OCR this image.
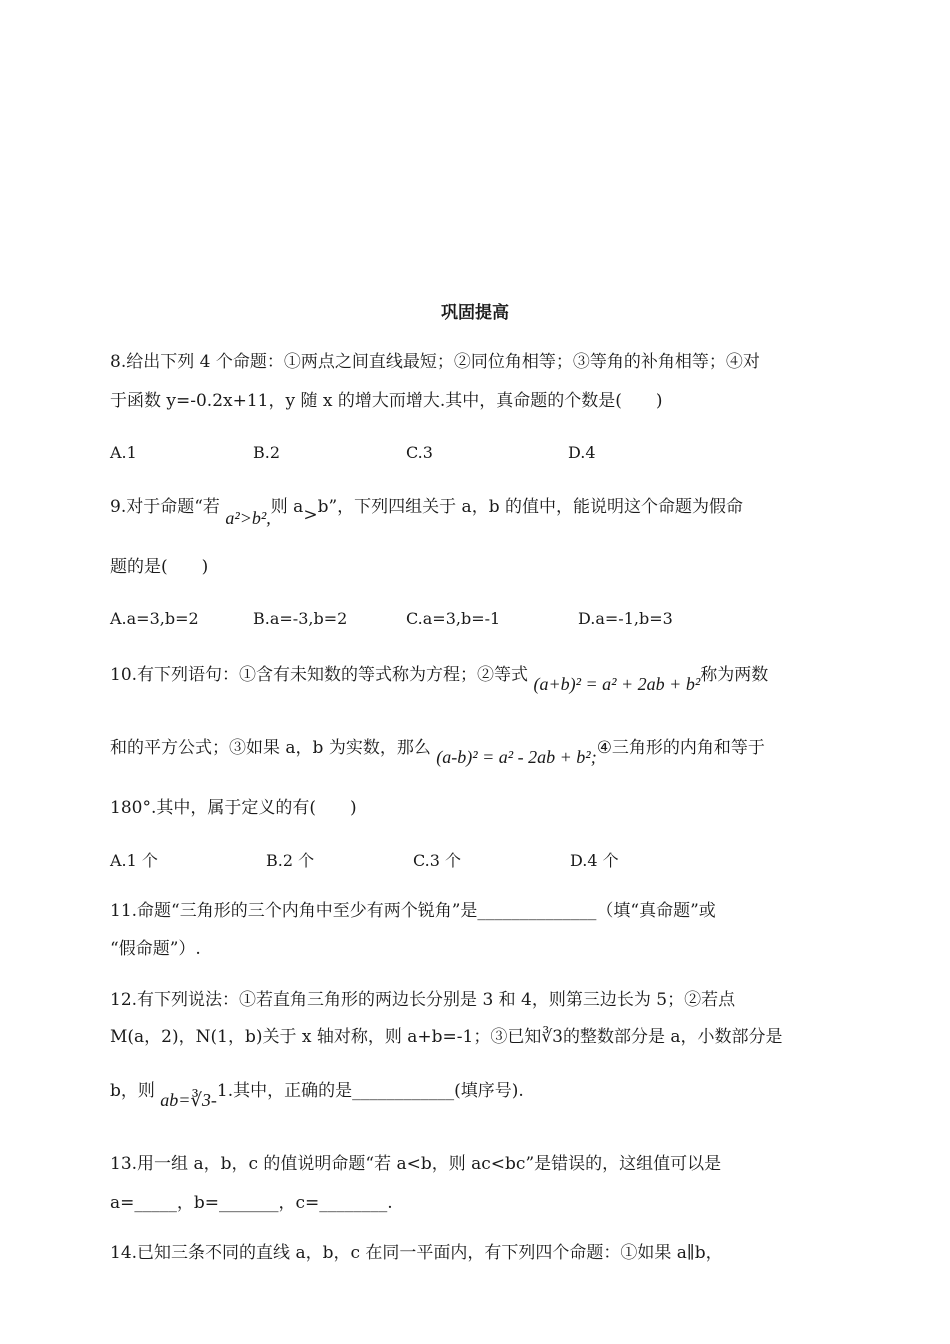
巩固提高
8.给出下列 4 个命题：①两点之间直线最短；②同位角相等；③等角的补角相等；④对
于函数 y=-0.2x+11，y 随 x 的增大而增大.其中，真命题的个数是(　　)
A.1	B.2	C.3	D.4
9.对于命题“若 a²>b²,则 a>b”，下列四组关于 a，b 的值中，能说明这个命题为假命
题的是(　　)
A.a=3,b=2	B.a=-3,b=2	C.a=3,b=-1	D.a=-1,b=3
10.有下列语句：①含有未知数的等式称为方程；②等式 (a+b)² = a² + 2ab + b²称为两数
和的平方公式；③如果 a，b 为实数，那么 (a-b)² = a² - 2ab + b²;④三角形的内角和等于
180°.其中，属于定义的有(　　)
A.1 个	B.2 个	C.3 个	D.4 个
11.命题“三角形的三个内角中至少有两个锐角”是______________（填“真命题”或
“假命题”）.
12.有下列说法：①若直角三角形的两边长分别是 3 和 4，则第三边长为 5；②若点
M(a，2)，N(1，b)关于 x 轴对称，则 a+b=-1；③已知∛3的整数部分是 a，小数部分是
b，则 ab=∛3-1.其中，正确的是____________(填序号).
13.用一组 a，b，c 的值说明命题“若 a<b，则 ac<bc”是错误的，这组值可以是
a=_____，b=_______，c=________.
14.已知三条不同的直线 a，b，c 在同一平面内，有下列四个命题：①如果 a∥b，
